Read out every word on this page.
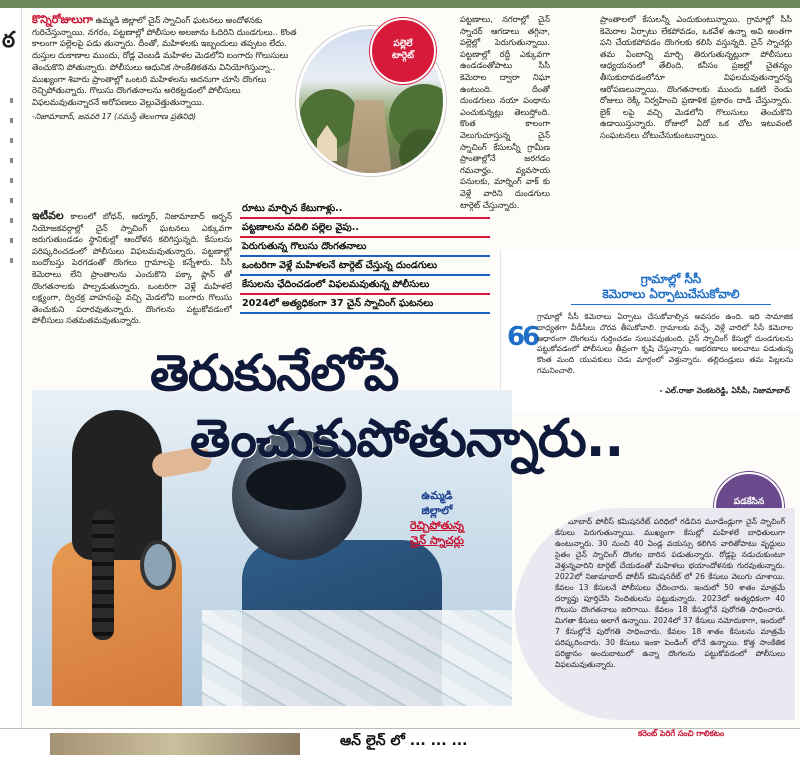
ఠ
కొన్నిరోజులుగా ఉమ్మడి జిల్లాలో చైన్ స్నాచింగ్ ఘటనలు అందోళనకు గురిచేస్తున్నాయి. నగరం, పట్టణాల్లో పోలీసుల అలజాను ఓదిరిని దుండగులు.. కొంత కాలంగా పల్లెలపై పడు తున్నారు. దీంతో, మహిళలకు ఇబ్బందులు తప్పటం లేదు. దుస్తుల దుకాణాల ముందు, రోడ్ల వెంబడి మహిళల మెడలోని బంగారు గొలుసులు తెంచుకొని పోతున్నారు. పోలీసులు ఆధునిక సాంకేతికతను వినియోగిస్తున్నా.. ముఖ్యంగా శివారు ప్రాంతాల్లో ఒంటరి మహిళలను అదనుగా చూసి దొంగలు రెచ్చిపోతున్నారు. గొలుసు దొంగతనాలను అరికట్టడంలో పోలీసులు విఫలమవుతున్నారనే అరోపణలు వెల్లువెత్తుతున్నాయి.
-నిజామాబాద్, జనవరి 17 (నమస్తే తెలంగాణ ప్రతినిధి)
పల్లెలే
టార్గెట్
పట్టణాలు, నగరాల్లో చైన్ స్నాచర్ ఆగడాలు తగ్గినా, పల్లెల్లో పెరుగుతున్నాయి. పట్టణాల్లో రద్దీ ఎక్కువగా ఉండడంతోపాటు సీసీ కెమెరాల ద్వారా నిఘా ఉంటుంది. దీంతో దుండగులు నయా పంథాను ఎంచుకున్నట్లు తెలుస్తోంది. కొంత కాలంగా వెలుగుచూస్తున్న చైన్ స్నాచింగ్ కేసులన్నీ గ్రామీణ ప్రాంతాల్లోనే జరగడం గమనార్హం. వ్యవసాయ పనులకు, మార్నింగ్ వాక్ కు వెళ్లే వారిని దుండగులు టార్గెట్ చేస్తున్నారు.
ప్రాంతాలలో కేసులన్నీ ఎందుకుంటున్నాయి. గ్రామాల్లో సీసీ కెమెరాల ఏర్పాటు లేకపోవడం, ఒకవేళ ఉన్నా అవి అంతగా పని చేయకపోవడం దొంగలకు కలిసి వస్తున్నది. చైన్ స్నాచర్లు తమ ఏంబాన్ని మార్చి తిరుగుతున్నట్లుగా పోలీసులు ఆధ్యయనంలో తేలింది. కనీసం ప్రజల్లో చైతన్యం తీసుకురావడంలోనూ విఫలమవుతున్నారన్న ఆరోపణలున్నాయి. దొంగతనాలకు ముందు ఒకటి రెండు రోజులు రెక్కీ నిర్వహించి ప్రణాళిక ప్రకారం దాడి చేస్తున్నారు. బైక్ లపై వచ్చి మెడలోని గొలుసులు తెంచుకొని ఉడాయిస్తున్నారు. రోజులో ఏదో ఒక చోట ఇటువంటి సంఘటనలు చోటుచేసుకుంటున్నాయి.
ఇటీవల కాలంలో బోధన్, ఆర్మూర్, నిజామాబాద్ అర్బన్ నియోజకవర్గాల్లో చైన్ స్నాచింగ్ ఘటనలు ఎక్కువగా జరుగుతుండడం స్థానికుల్లో ఆందోళన కలిగిస్తున్నది. కేసులను పరిష్కరించడంలో పోలీసులు విఫలమవుతున్నారు. పట్టణాల్లో బందోబస్తు పెరగడంతో దొంగలు గ్రామాలపై కన్నేశారు. సీసీ కెమెరాలు లేని ప్రాంతాలను ఎంచుకొని పక్కా ప్లాన్ తో దొంగతనాలకు పాల్పడుతున్నారు. ఒంటరిగా వెళ్లే మహిళలే లక్ష్యంగా, ద్విచక్ర వాహనంపై వచ్చి మెడలోని బంగారు గొలుసు తెంచుకుని పరారవుతున్నారు. దొంగలను పట్టుకోవడంలో పోలీసులు సతమతమవుతున్నారు.
రూటు మార్చిన కేటుగాళ్లు..
పట్టణాలను వదిలి పల్లెల వైపు..
పెరుగుతున్న గొలుసు దొంగతనాలు
ఒంటరిగా వెళ్లే మహిళలనే టార్గెట్ చేస్తున్న దుండగులు
కేసులను ఛేదించడంలో విఫలమవుతున్న పోలీసులు
2024లో అత్యధికంగా 37 చైన్ స్నాచింగ్ ఘటనలు
గ్రామాల్లో సీసీ
కెమెరాలు ఏర్పాటుచేసుకోవాలి
66
గ్రామాల్లో సీసీ కెమెరాలు ఏర్పాటు చేసుకోవాల్సిన అవసరం ఉంది. ఇది సామాజిక బాధ్యతగా వీడీసీలు చొరవ తీసుకోవాలి. గ్రామాలకు వచ్చే, వెళ్లే వారిలో సీసీ కెమెరాల ఆధారంగా దొంగలను గుర్తించడం సులువవుతుంది. చైన్ స్నాచింగ్ కేసుల్లో దుండగులను పట్టుకోవడంలో పోలీసులు తీవ్రంగా కృషి చేస్తున్నారు. ఆభరణాలు అలవాటు పడుతున్న కొంత మంది యువకులు చెడు మార్గంలో వెళ్తున్నారు. తల్లిదండ్రులు తమ పిల్లలను గమనించాలి.
- ఎల్.రాజా వెంకటరెడ్డి, ఏసీపీ, నిజామాబాద్
తెరుకునేలోపే
తెంచుకుపోతున్నారు..
ఉమ్మడి
జిల్లాలో
రెచ్చిపోతున్న
చైన్ స్నాచర్లు
పడకేసిన

నిజామాబాద్ పోలీస్ కమిషనరేట్ పరిధిలో గడిచిన మూడేండ్లుగా చైన్ స్నాచింగ్ కేసులు పెరుగుతున్నాయి. ముఖ్యంగా కేసుల్లో మహిళలే బాధితులుగా ఉంటున్నారు. 30 నుంచి 40 ఏండ్ల వయస్సు కలిగిన వారితోపాటు వృద్ధులు సైతం చైన్ స్నాచింగ్ దొంగల బారిన పడుతున్నారు. రోడ్లపై నడుచుకుంటూ వెళ్తున్నవారిని టార్గెట్ చేయడంతో మహిళలు భయాందోళనకు గురవుతున్నారు. 2022లో నిజామాబాద్ పోలీస్ కమిషనరేట్ లో 26 కేసులు వెలుగు చూశాయి. కేవలం 13 కేసులనే పోలీసులు ఛేదించారు. ఇందులో 50 శాతం మాత్రమే దర్యాప్తు పూర్తిచేసి నిందితులను పట్టుకున్నారు. 2023లో అత్యధికంగా 40 గొలుసు దొంగతనాలు జరిగాయి. కేవలం 18 కేసుల్లోనే పురోగతి సాధించారు. మిగతా కేసులు అలాగే ఉన్నాయి. 2024లో 37 కేసులు నమోదుకాగా, ఇందులో 7 కేసుల్లోనే పురోగతి సాధించారు. కేవలం 18 శాతం కేసులను మాత్రమే పరిష్కరించారు. 30 కేసులు ఇంకా పెండింగ్ లోనే ఉన్నాయి. కొత్త సాంకేతిక పరిజ్ఞానం అందుబాటులో ఉన్నా దొంగలను పట్టుకోవడంలో పోలీసులు విఫలమవుతున్నారు.
ఆన్ లైన్ లో ... ... ...	కరెంట్ పెరిగే సంచి గాలికటం
